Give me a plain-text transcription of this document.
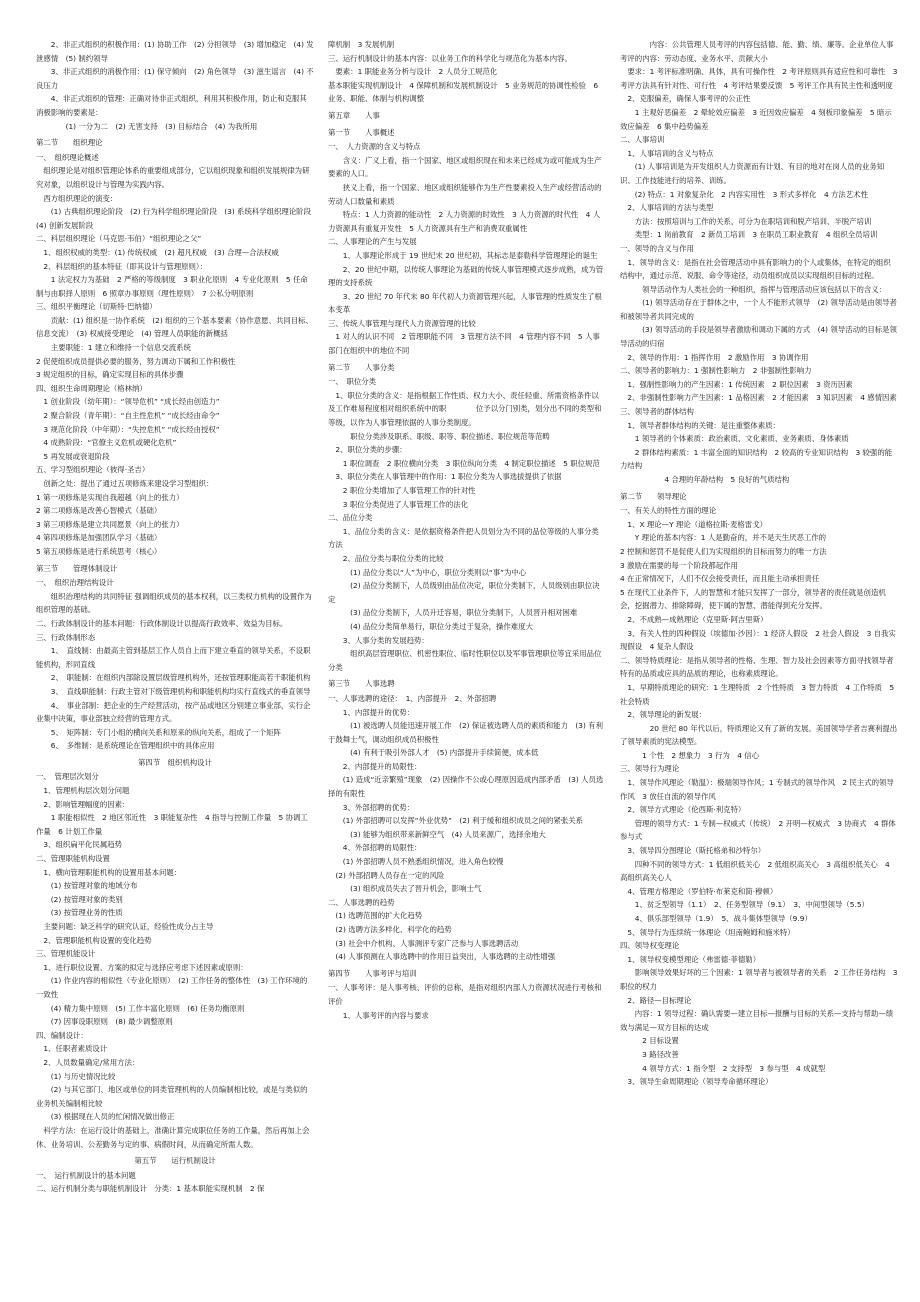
　　2、非正式组织的积极作用：(1) 协助工作　(2) 分担领导　(3) 增加稳定　(4) 发泄感情　(5) 制约领导
　　3、非正式组织的消极作用：(1) 保守倾向　(2) 角色领导　(3) 滋生谣言　(4) 不良压力
　　4、非正式组织的管理：正确对待非正式组织，利用其积极作用，防止和克服其消极影响的要素是：
　　　　(1) 一分为二　(2) 无害支持　(3) 目标结合　(4) 为我所用
第二节　　组织理论
一、　组织理论概述
　组织理论是对组织管理论体系的重要组成部分，它以组织现象和组织发展规律为研究对象，以组织设计与管理为实践内容。
　西方组织理论的演变：
　　(1) 古典组织理论阶段　(2) 行为科学组织理论阶段　(3) 系统科学组织理论阶段　(4) 创新发展阶段
二、科层组织理论（马克思·韦伯）“组织理论之父”
　1、组织权威的类型：(1) 传统权威　(2) 超凡权威　(3) 合理—合法权威
　2、科层组织的基本特征（即其设计与管理原则）：
　　1 法定权力为基础　2 严格的等级制度　3 职业化原则　4 专业化原则　5 任命制与由职择人原则　6 照章办事原则（理性原则）　7 公私分明原则
三、组织平衡理论（切斯特·巴纳德）
　　贡献：(1) 组织是一协作系统　(2) 组织的三个基本要素（协作意愿、共同目标、信息交流）　(3) 权威接受理论　(4) 管理人员职能的新概括
　　主要职能：1 建立和维持一个信息交流系统
2 促使组织成员提供必要的服务，努力调动下属和工作积极性
3 规定组织的目标，确定实现目标的具体步骤
四、组织生命周期理论（格林纳）
　1 创业阶段（幼年期）：“领导危机” “成长经由创造力”
　2 聚合阶段（青年期）：“自主性危机” “成长经由命令”
　3 规范化阶段（中年期）：“失控危机” “成长经由授权”
　4 成熟阶段：“官僚主义危机或硬化危机”
　5 再发展或衰退阶段
五、学习型组织理论（彼得·圣吉）
　创新之处：提出了通过五项修炼来建设学习型组织：
1 第一项修炼是实现自我超越（向上的张力）
2 第二项修炼是改善心智模式（基础）
3 第三项修炼是建立共同愿景（向上的张力）
4 第四项修炼是加强团队学习（基础）
5 第五项修炼是进行系统思考（核心）
第三节　　管理体制设计
一、　组织治理结构设计
　　组织治理结构的共同特征 强调组织成员的基本权利，以三类权力机构的设置作为组织管理的基础。
二、行政体制设计的基本问题：行政体制设计以提高行政效率、效益为目标。
三、行政体制形态
　　1、　直线制：由最高主管到基层工作人员自上而下建立垂直的领导关系，不设职能机构，形同直线
　　2、　职能制：在组织内部除设置层级管理机构外，还按管理职能高若干职能机构
　　3、　直线职能制：行政主管对下级管理机构和职能机构均实行直线式的垂直领导
　　4、　事业部制：把企业的生产经营活动，按产品或地区分别建立事业部，实行企业集中决策，事业部独立经营的管理方式。
　　5、　矩阵制：专门小组的横向关系和原来的纵向关系，组成了一个矩阵
　　6、　多维制：是系统理论在管理组织中的具体应用
第四节　组织机构设计
一、　管理层次划分
　1、管理机构层次划分问题
　2、影响管理幅度的因素：
　　1 职能相似性　2 地区邻近性　3 职能复杂性　4 指导与控制工作量　5 协调工作量　6 计划工作量
　3、组织扁平化民属趋势
二、管理职能机构设置
　1、横向管理职能机构的设置用基本问题：
　　(1) 按管理对象的地域分布
　　(2) 按管理对象的类别
　　(3) 按管理业务的性质
　主要问题：缺乏科学的研究认证，经验性成分占主导
　2、管理职能机构设置的变化趋势
三、管理机能设计
　1、进行职位设置、方案的拟定与选择应考虑下述因素或原则：
　　(1) 作业内容的相似性（专业化原则）　(2) 工作任务的整体性　(3) 工作环境的一致性
　　(4) 精力集中原则　(5) 工作丰富化原则　(6) 任务均衡原则
　　(7) 因事设职原则　(8) 最少调整原则
四、编制设计：
　1、任职者素质设计
　2、人员数量确定/常用方法：
　　(1) 与历史情况比较
　　(2) 与其它部门、地区或单位的同类管理机构的人员编制相比较，或是与类似的业务机关编制相比较
　　(3) 根据现在人员的忙闲情况做出修正
　科学方法：在运行设计的基础上，准确计算完成职位任务的工作量，然后再加上会休、业务培训、公差勤务与定的事、病假时间，从而确定所需人数。
第五节　　运行机制设计
一、　运行机制设计的基本问题
二、运行机制分类与职能机制设计　分类：1 基本职能实现机制　2 保
障机制　3 发展机制
三、运行机制设计的基本内容：以业务工作的科学化与规范化为基本内容。
　要素：1 职能业务分析与设计　2 人员分工规范化
基本职能实现机制设计　4 保障机制和发展机制设计　5 业务规范的协调性检验　6 业务、职能、体制与机构调整
第五章　　人事
第一节　　人事概述
一、　人力资源的含义与特点
　　含义：广义上看，指一个国家、地区或组织现在和未来已经成为或可能成为生产要素的人口。
　　狭义上看，指一个国家、地区或组织能够作为生产性要素投入生产或经营活动的劳动人口数量和素质
　　特点：1 人力资源的能动性　2 人力资源的时效性　3 人力资源的时代性　4 人力资源具有重复开发性　5 人力资源具有生产和消费双重属性
二、人事理论的产生与发展
　　1、人事理论形成于 19 世纪末 20 世纪初，其标志是泰勒科学管理理论的诞生
　　2、20 世纪中期，以传统人事理论为基础的传统人事管理模式逐步成熟，成为管理的支持系统
　　3、20 世纪 70 年代末 80 年代初人力资源管理兴起，人事管理的性质发生了根本变革
三、传统人事管理与现代人力资源管理的比较
　1 对人的认识不同　2 管理职能不同　3 管理方法不同　4 管理内容不同　5 人事部门在组织中的地位不同
第二节　　人事分类
一、　职位分类
　1、职位分类的含义：是指根据工作性质、权力大小、责任轻重、所需资格条件以及工作难易程度相对组织系统中的职　　　　位予以分门别类，划分出不同的类型和等级，以作为人事管理依据的人事分类制度。
　　　职位分类涉及职系、职级、职等、职位描述、职位规范等范畴
　2、职位分类的步骤：
　　1 职位调查　2 职位横向分类　3 职位纵向分类　4 制定职位描述　5 职位规范
　3、职位分类在人事管理中的作用：1 职位分类为人事选拔提供了依据
　　2 职位分类增加了人事管理工作的针对性
　　3 职位分类促进了人事管理工作的法化
二、品位分类
　　1、品位分类的含义：是依据资格条件把人员划分为不同的品位等级的人事分类方法
　　2、品位分类与职位分类的比较
　　　(1) 品位分类以“人”为中心，职位分类则以“事”为中心
　　　(2) 品位分类制下，人员级别由品位决定，职位分类制下，人员级别由职位决定
　　　(3) 品位分类制下，人员升迁容易，职位分类制下，人员晋升相对困难
　　　(4) 品位分类简单易行，职位分类过于复杂，操作难度大
　　3、人事分类的发展趋势：
　　　组织高层管理职位、机密性职位、临时性职位以及军事管理职位等宜采用品位分类
第三节　　人事选聘
一、人事选聘的途径：　1、内部提升　2、外部招聘
　　1、内部提升的优势：
　　　(1) 被选聘人员能迅速开展工作　(2) 保证被选聘人员的素质和能力　(3) 有利于鼓舞士气，调动组织成员积极性
　　　(4) 有利于吸引外部人才　(5) 内部提升手续简便，成本低
　　2、内部提升的局限性：
　　(1) 造成“近亲繁殖”现象　(2) 因操作不公或心理原因造成内部矛盾　(3) 人员选择的有限性
　　3、外部招聘的优势：
　　(1) 外部招聘可以发挥“外业优势”　(2) 利于缓和组织成员之间的紧张关系
　　　(3) 能够为组织带来新鲜空气　(4) 人员来源广，选择余地大
　　4、外部招聘的局限性：
　　(1) 外部招聘人员不熟悉组织情况，进入角色较慢
　(2) 外部招聘人员存在一定的风险
　　　(3) 组织成员失去了晋升机会，影响士气
二、人事选聘的趋势
　(1) 选聘范围的扩大化趋势
　(2) 选聘方法多样化、科学化的趋势
　(3) 社会中介机构、人事测评专家广泛参与人事选聘活动
　(4) 人事预测在人事选聘中的作用日益突出，人事选聘的主动性增强
第四节　　人事考评与培训
一、人事考评：是人事考核、评价的总称，是指对组织内部人力资源状况进行考核和评价
　　1、人事考评的内容与要求
　　　　内容：公共管理人员考评的内容包括德、能、勤、绩、廉等。企业单位人事考评的内容：劳动态度、业务水平、贡献大小
　要求：1 考评标准明确、具体，具有可操作性　2 考评原则具有适应性和可靠性　3 考评方法具有针对性、可行性　4 考评结果要反馈　5 考评工作具有民主性和透明度
　2、克服偏差，确保人事考评的公正性
　　1 主观好恶偏差　2 晕轮效应偏差　3 近因效应偏差　4 刻板印象偏差　5 暗示效应偏差　6 集中趋势偏差
二、人事培训
　1、人事培训的含义与特点
　　(1) 人事培训是为开发组织人力资源而有计划、有目的地对在岗人员的业务知识、工作技能进行的培养、训练。
　　(2) 特点：1 对象复杂化　2 内容实用性　3 形式多样化　4 方法艺术性
　2、人事培训的方法与类型
　　方法：按照培训与工作的关系，可分为在职培训和脱产培训、半脱产培训
　　类型：1 岗前教育　2 新员工培训　3 在职员工职业教育　4 组织全员培训
一、领导的含义与作用
　1、领导的含义：是指在社会管理活动中具有影响力的个人或集体，在特定的组织结构中，通过示范、说服、命令等途径，动员组织成员以实现组织目标的过程。
　　　领导活动作为人类社会的一种组织，指挥与管理活动应该包括以下的含义：
　　　(1) 领导活动存在于群体之中，一个人不能形式领导　(2) 领导活动是由领导者和被领导者共同完成的
　　　(3) 领导活动的手段是领导者激励和调动下属的方式　(4) 领导活动的目标是领导活动的归宿
　2、领导的作用：1 指挥作用　2 激励作用　3 协调作用
二、领导者的影响力：1 强制性影响力　2 非强制性影响力
　1、强制性影响力的产生因素：1 传统因素　2 职位因素　3 资历因素
　2、非强制性影响力产生因素：1 品格因素　2 才能因素　3 知识因素　4 感情因素
三、领导者的群体结构
　1、领导者群体结构的关键：是注重整体素质：
　　1 领导者的个体素质：政治素质、文化素质、业务素质、身体素质
　　2 群体结构素质：1 丰富全面的知识结构　2 较高的专业知识结构　3 较强的能力结构
　　　　　　4 合理的年龄结构　5 良好的气质结构
第二节　　领导理论
一、有关人的特性方面的理论
　1、X 理论—Y 理论（道格拉斯·麦格雷戈）
　　Y 理论的基本内容：1 人是勤奋的，并不是天生厌恶工作的
2 控制和惩罚不是促使人们为实现组织的目标而努力的唯一方法
3 激励在需要的每一个阶段都起作用
4 在正常情况下，人们不仅会接受责任，而且能主动承担责任
5 在现代工业条件下，人的智慧和才能只发挥了一部分，领导者的责任就是创造机会，挖掘潜力、排除障碍，使下属的智慧、潜能得到充分发挥。
　2、不成熟—成熟理论（克里斯·阿吉里斯）
　3、有关人性的四种假设（埃德加·沙因）：1 经济人假设　2 社会人假设　3 自我实现假设　4 复杂人假设
二、领导特质理论：是指从领导者的性格、生理、智力及社会因素等方面寻找领导者特有的品质或应具的品质的理论，也称素质理论。
　1、早期特质理论的研究：1 生理特质　2 个性特质　3 智力特质　4 工作特质　5 社会特质
　2、领导理论的新发展：
　　　　20 世纪 80 年代以后，特质理论又有了新的发展。美国领导学者吉赛利提出了领导素质的宪法模型。
　　　1 个性　2 想象力　3 行为　4 信心
三、领导行为理论
　1、领导作风理论（勒温）：极端领导作风；1 专制式的领导作风　2 民主式的领导作风　3 放任自流的领导作风
　2、领导方式理论（伦西斯·利克特）
　　管理的领导方式：1 专制—权威式（传统）　2 开明—权威式　3 协商式　4 群体参与式
　3、领导四分图理论（斯托格弟和沙特尔）
　　四种不同的领导方式：1 低组织低关心　2 低组织高关心　3 高组织低关心　4 高组织高关心人
　4、管理方格理论（罗伯特·布莱克和简·穆顿）
　　1、贫乏型领导（1.1）　2、任务型领导（9.1）　3、中间型领导（5.5）
　　4、俱乐部型领导（1.9）　5、战斗集体型领导（9.9）
　5、领导行为连续统一体理论（坦南鲍姆和施米特）
四、领导权变理论
　1、领导权变模型理论（弗雷德·菲德勒）
　　影响领导效果好坏的三个因素：1 领导者与被领导者的关系　2 工作任务结构　3 职位的权力
　2、路径—目标理论
　　内容：1 领导过程：确认需要—建立目标—报酬与目标的关系—支持与帮助—绩效与满足—双方目标的达成
　　　2 目标设置
　　　3 路径改善
　　　4 领导方式：1 指令型　2 支持型　3 参与型　4 成就型
　3、领导生命周期理论（领导寿命循环理论）
